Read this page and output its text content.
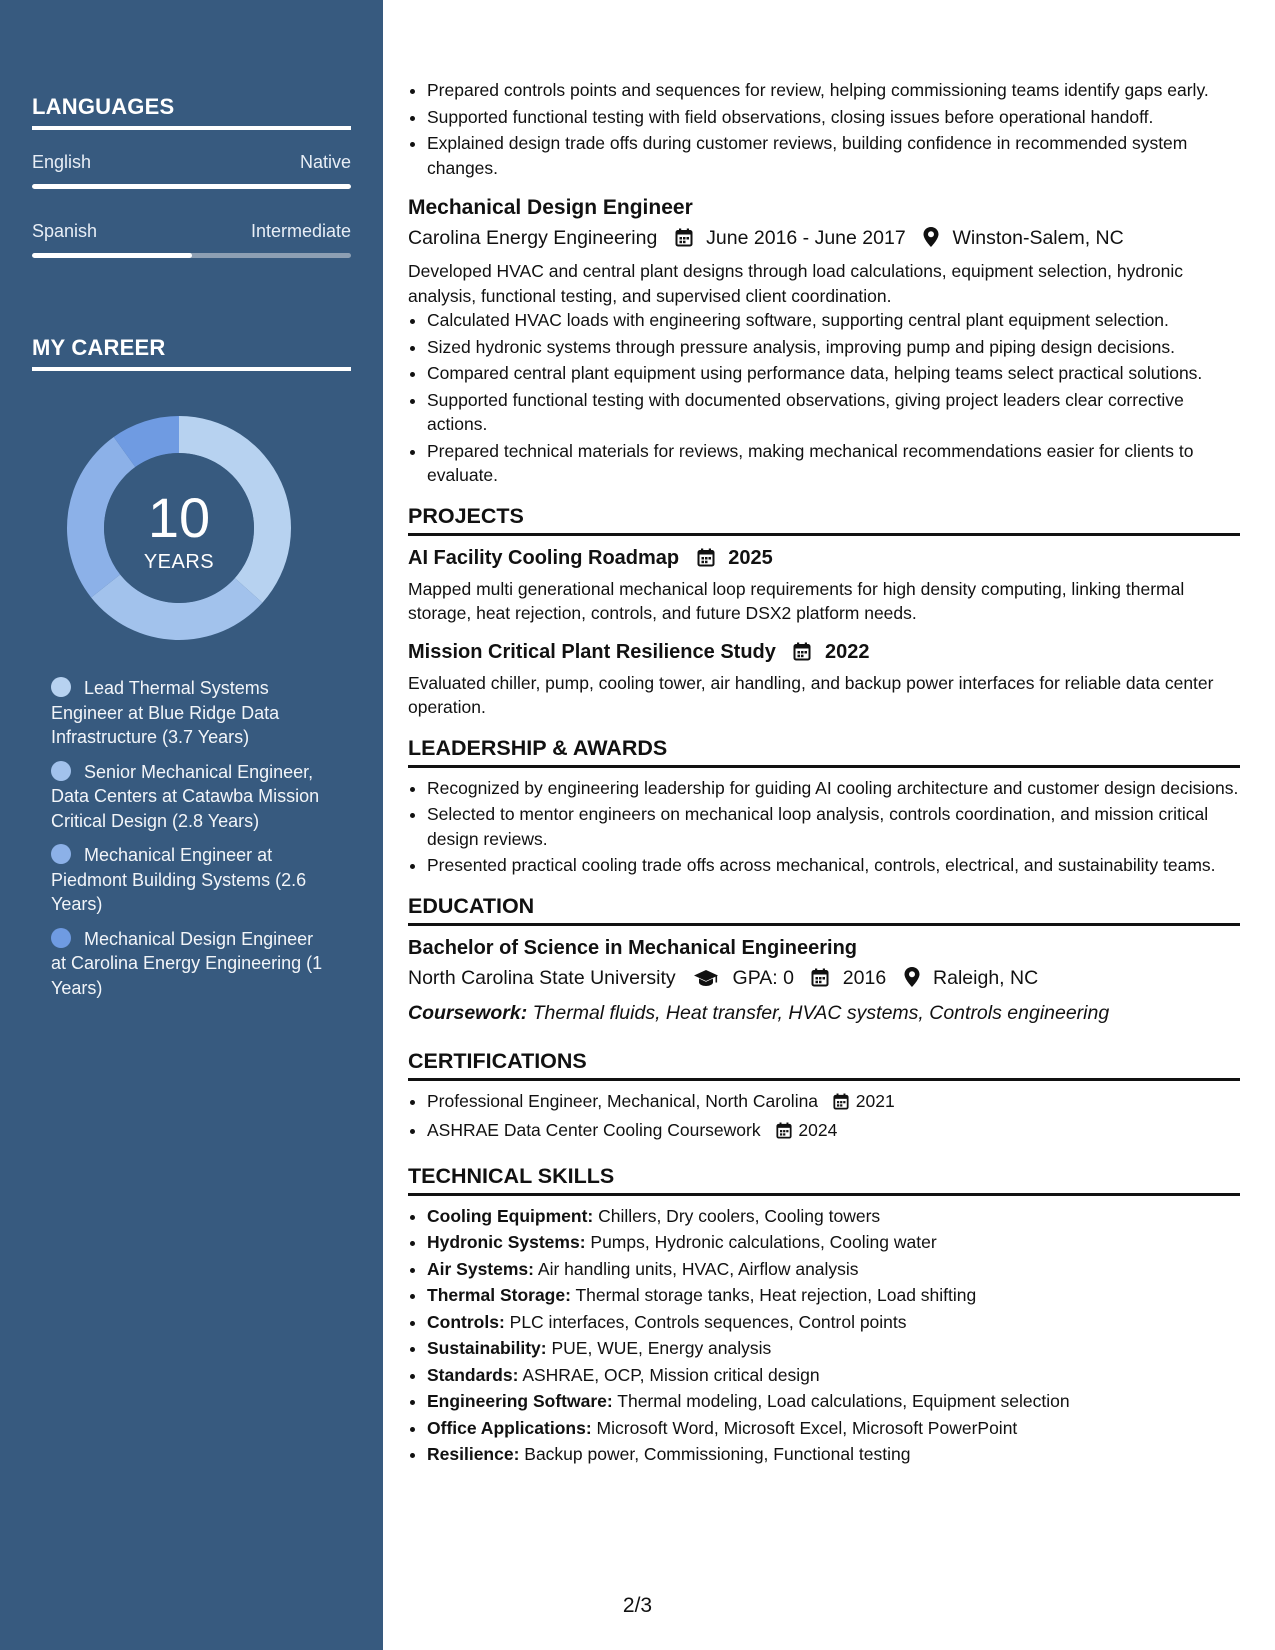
LANGUAGES
English	Native
Spanish	Intermediate
MY CAREER
10
YEARS
Lead Thermal Systems Engineer at Blue Ridge Data Infrastructure (3.7 Years)
Senior Mechanical Engineer, Data Centers at Catawba Mission Critical Design (2.8 Years)
Mechanical Engineer at Piedmont Building Systems (2.6 Years)
Mechanical Design Engineer at Carolina Energy Engineering (1 Years)
• Prepared controls points and sequences for review, helping commissioning teams identify gaps early.
• Supported functional testing with field observations, closing issues before operational handoff.
• Explained design trade offs during customer reviews, building confidence in recommended system changes.
Mechanical Design Engineer
Carolina Energy Engineering	June 2016 - June 2017 Winston-Salem, NC
Developed HVAC and central plant designs through load calculations, equipment selection, hydronic analysis, functional testing, and supervised client coordination.
• Calculated HVAC loads with engineering software, supporting central plant equipment selection.
• Sized hydronic systems through pressure analysis, improving pump and piping design decisions.
• Compared central plant equipment using performance data, helping teams select practical solutions.
• Supported functional testing with documented observations, giving project leaders clear corrective actions.
• Prepared technical materials for reviews, making mechanical recommendations easier for clients to evaluate.
PROJECTS
AI Facility Cooling Roadmap 2025
Mapped multi generational mechanical loop requirements for high density computing, linking thermal storage, heat rejection, controls, and future DSX2 platform needs.
Mission Critical Plant Resilience Study 2022
Evaluated chiller, pump, cooling tower, air handling, and backup power interfaces for reliable data center operation.
LEADERSHIP & AWARDS
• Recognized by engineering leadership for guiding AI cooling architecture and customer design decisions.
• Selected to mentor engineers on mechanical loop analysis, controls coordination, and mission critical design reviews.
• Presented practical cooling trade offs across mechanical, controls, electrical, and sustainability teams.
EDUCATION
Bachelor of Science in Mechanical Engineering
North Carolina State University	GPA: 0	2016 Raleigh, NC
Coursework: Thermal fluids, Heat transfer, HVAC systems, Controls engineering
CERTIFICATIONS
• Professional Engineer, Mechanical, North Carolina 2021
• ASHRAE Data Center Cooling Coursework 2024
TECHNICAL SKILLS
• Cooling Equipment: Chillers, Dry coolers, Cooling towers
• Hydronic Systems: Pumps, Hydronic calculations, Cooling water
• Air Systems: Air handling units, HVAC, Airflow analysis
• Thermal Storage: Thermal storage tanks, Heat rejection, Load shifting
• Controls: PLC interfaces, Controls sequences, Control points
• Sustainability: PUE, WUE, Energy analysis
• Standards: ASHRAE, OCP, Mission critical design
• Engineering Software: Thermal modeling, Load calculations, Equipment selection
• Office Applications: Microsoft Word, Microsoft Excel, Microsoft PowerPoint
• Resilience: Backup power, Commissioning, Functional testing
2/3
